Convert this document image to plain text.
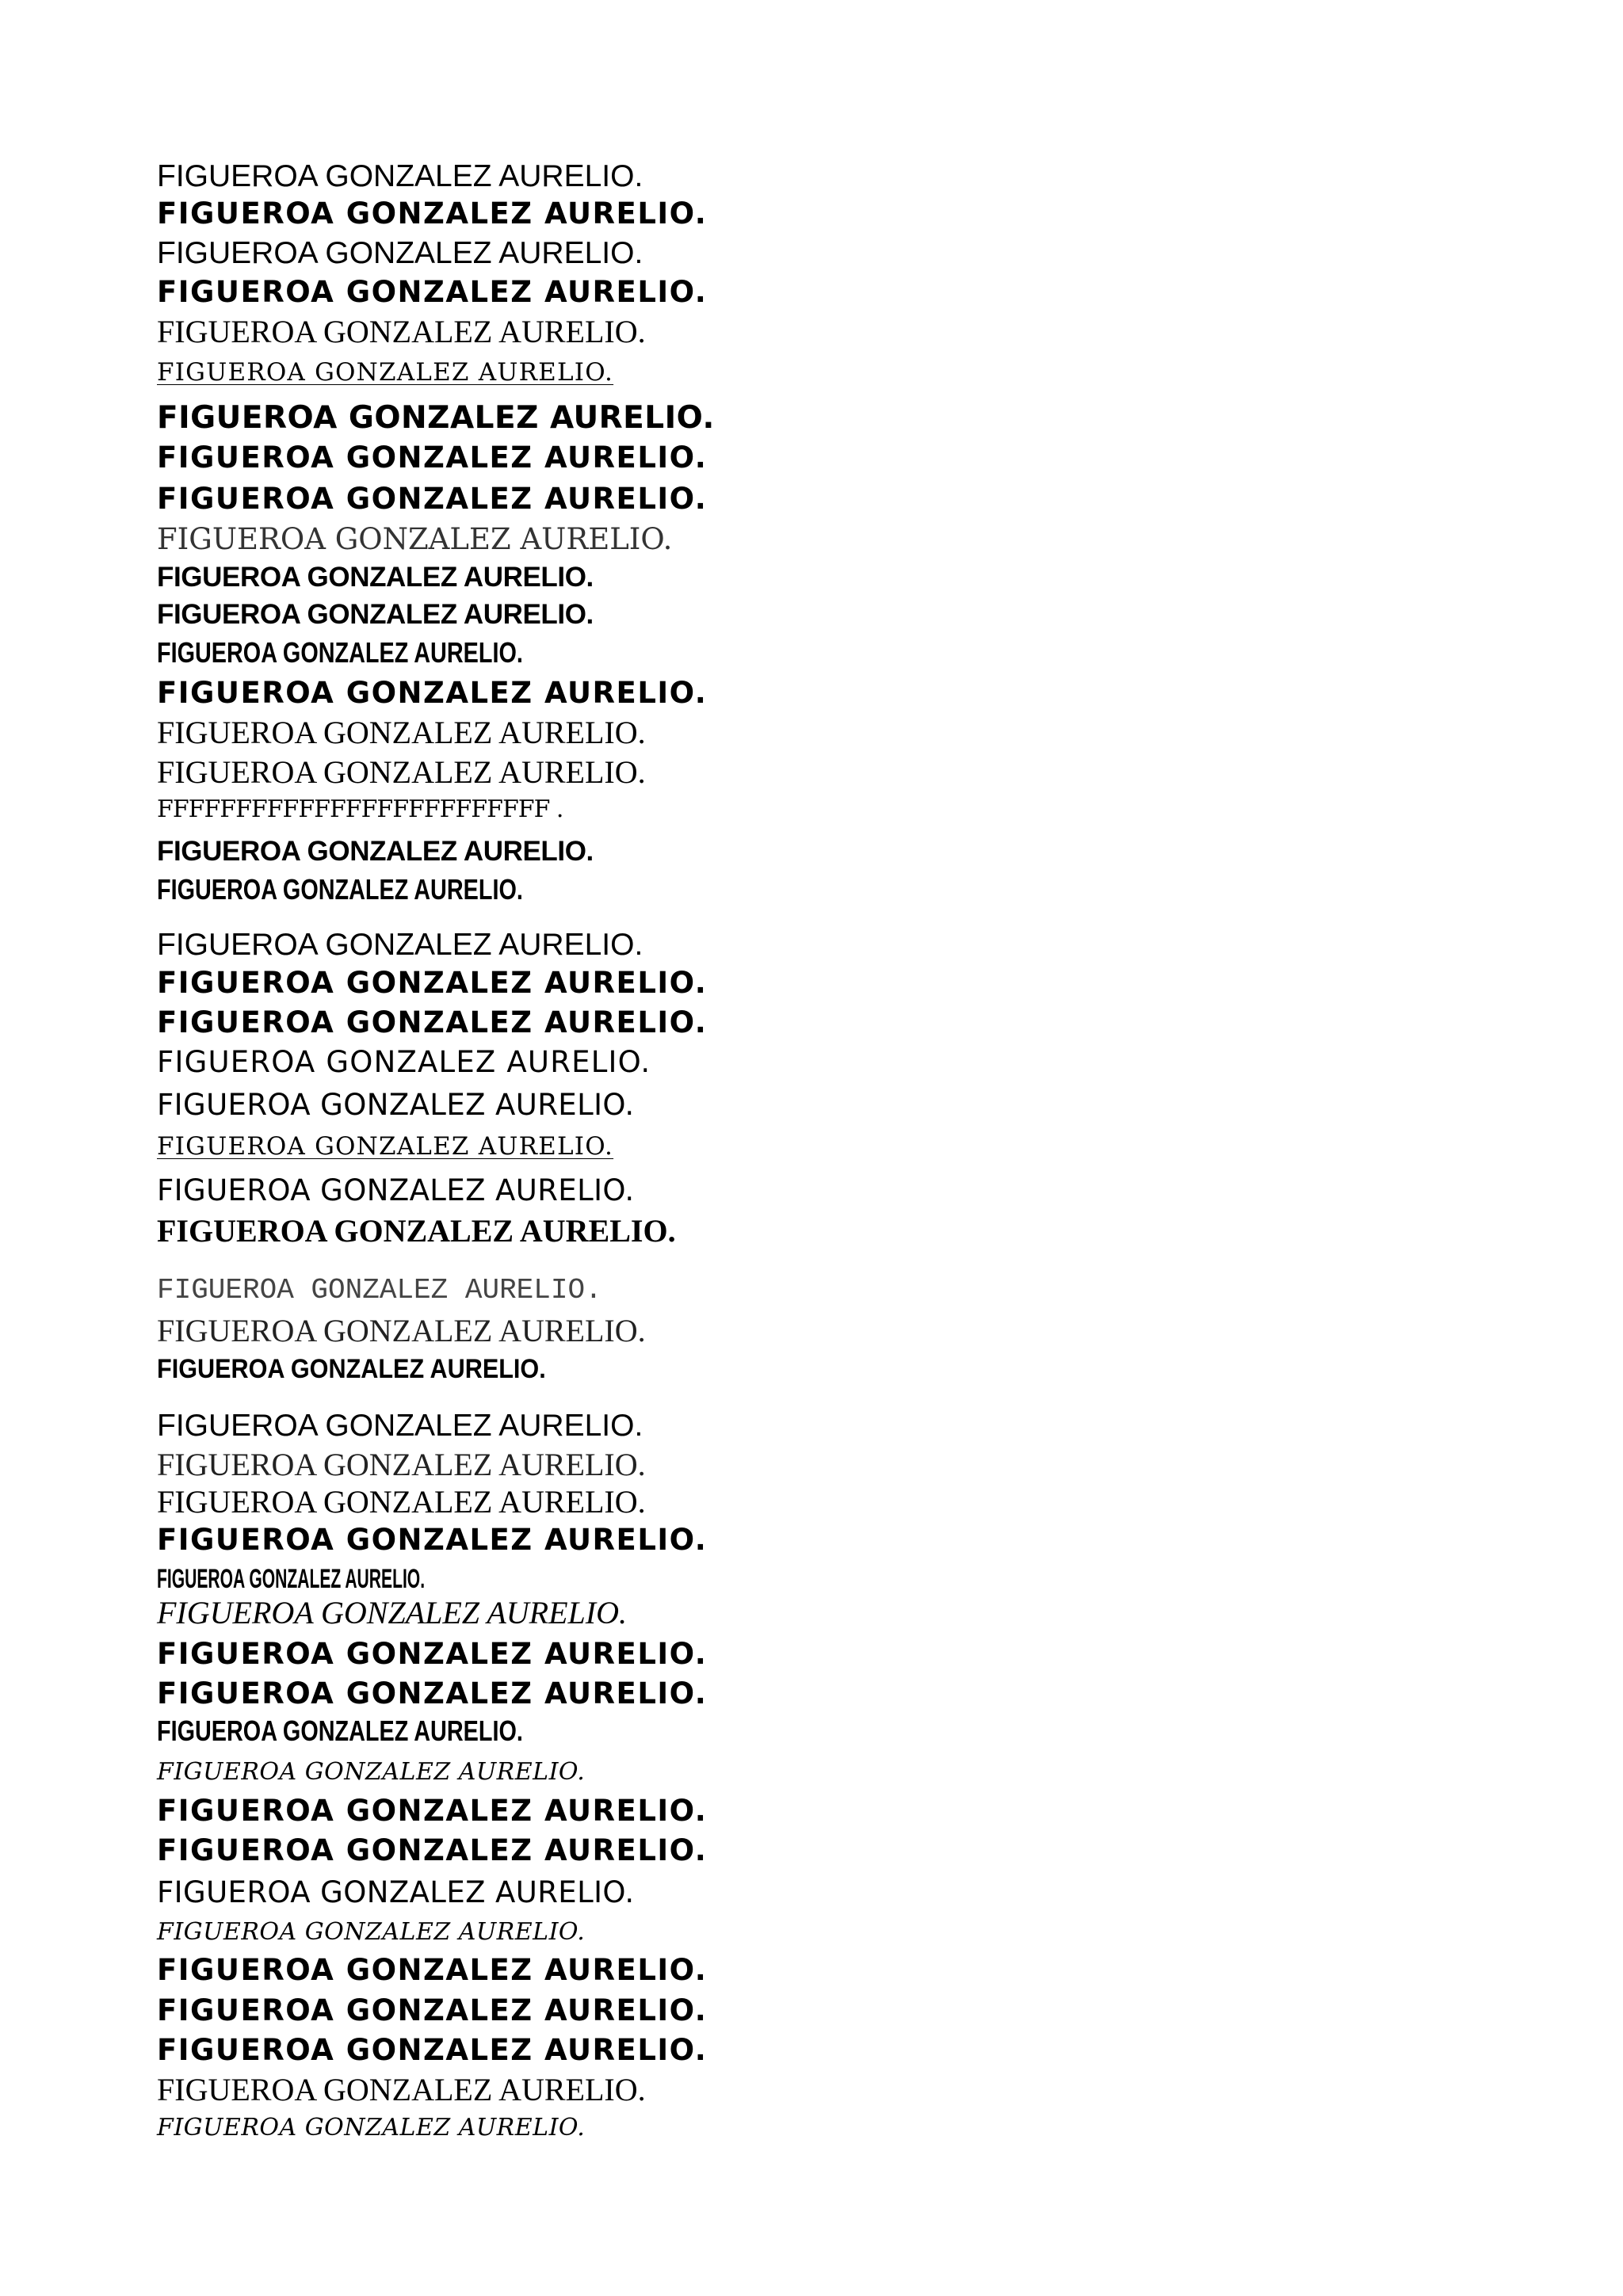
FIGUEROA GONZALEZ AURELIO.
FIGUEROA GONZALEZ AURELIO.
FIGUEROA GONZALEZ AURELIO.
FIGUEROA GONZALEZ AURELIO.
FIGUEROA GONZALEZ AURELIO.
FIGUEROA GONZALEZ AURELIO.
FIGUEROA GONZALEZ AURELIO.
FIGUEROA GONZALEZ AURELIO.
FIGUEROA GONZALEZ AURELIO.
FIGUEROA GONZALEZ AURELIO.
FIGUEROA GONZALEZ AURELIO.
FIGUEROA GONZALEZ AURELIO.
FIGUEROA GONZALEZ AURELIO.
FIGUEROA GONZALEZ AURELIO.
FIGUEROA GONZALEZ AURELIO.
FIGUEROA GONZALEZ AURELIO.
FFFFFFFFFFFFFFFFFFFFFFFFF .
FIGUEROA GONZALEZ AURELIO.
FIGUEROA GONZALEZ AURELIO.
FIGUEROA GONZALEZ AURELIO.
FIGUEROA GONZALEZ AURELIO.
FIGUEROA GONZALEZ AURELIO.
FIGUEROA GONZALEZ AURELIO.
FIGUEROA GONZALEZ AURELIO.
FIGUEROA GONZALEZ AURELIO.
FIGUEROA GONZALEZ AURELIO.
FIGUEROA GONZALEZ AURELIO.
FIGUEROA GONZALEZ AURELIO.
FIGUEROA GONZALEZ AURELIO.
FIGUEROA GONZALEZ AURELIO.
FIGUEROA GONZALEZ AURELIO.
FIGUEROA GONZALEZ AURELIO.
FIGUEROA GONZALEZ AURELIO.
FIGUEROA GONZALEZ AURELIO.
FIGUEROA GONZALEZ AURELIO.
FIGUEROA GONZALEZ AURELIO.
FIGUEROA GONZALEZ AURELIO.
FIGUEROA GONZALEZ AURELIO.
FIGUEROA GONZALEZ AURELIO.
FIGUEROA GONZALEZ AURELIO.
FIGUEROA GONZALEZ AURELIO.
FIGUEROA GONZALEZ AURELIO.
FIGUEROA GONZALEZ AURELIO.
FIGUEROA GONZALEZ AURELIO.
FIGUEROA GONZALEZ AURELIO.
FIGUEROA GONZALEZ AURELIO.
FIGUEROA GONZALEZ AURELIO.
FIGUEROA GONZALEZ AURELIO.
FIGUEROA GONZALEZ AURELIO.
